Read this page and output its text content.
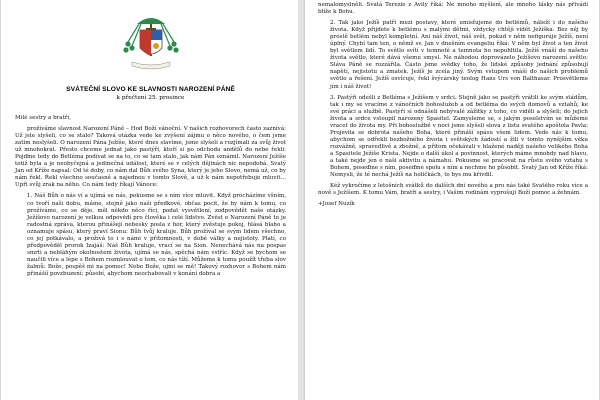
SVÁTEČNÍ SLOVO KE SLAVNOSTI NAROZENÍ PÁNĚ
k přečtení 25. prosince

Milé sestry a bratři,

prožíváme slavnost Narození Páně – Hod Boží vánoční. V našich rozhovorech často zaznívá: Už jste slyšeli, co se stalo? Taková otázka vede ke zvýšení zájmu o něco nového, o čem jsme zatím neslyšeli. O narození Pána Ježíše, které dnes slavíme, jsme slyšeli a rozjímali za svůj život už mnohokrát. Přesto chceme jednat jako pastýři, kteří si po odchodu andělů do nebe řekli: Pojďme tedy do Betléma podívat se na to, co se tam stalo, jak nám Pán oznámil. Narození Ježíše totiž byla a je neobyčejná a jedinečná událost, které se v celých dějinách nic nepodobá. Svatý Jan od Kříže napsal: Od té doby, co nám dal Bůh svého Syna, který je jeho Slovo, nemá už, co by nám řekl. Řekl všechno současně a najednou v tomto Slově, a už k nám nepotřebuje mluvit… Upři svůj zrak na něho. Co nám tedy říkají Vánoce:

1. Náš Bůh o nás ví a ujímá se nás, pokusme se s ním více mluvit. Když procházíme všním, co tvoří naši dobu, máme, stejně jako naši předkové, občas pocit, že by nám k tomu, co prožíváme, co se děje, měl někdo něco říci, podat vysvětlení, zodpovědět naše otázky. Ježíšovo narození je velkou odpovědí pro člověka i celé lidstvo. Zvěst o Narození Páně to je radostná zpráva, kterou přinášejí nebeský posla z hor, který zvěstuje pokoj, hlásá blaho a oznamuje spásu, který praví Sionu: Bůh tvůj kraluje. Bůh prožíval se svým lidem všechno, co jej potkávalo, a prožívá to i s námi v přítomnosti, v době války a nejistoty. Platí, co předpověděl prorok Izajáš: Náš Bůh kraluje, vrací se na Sion. Nenechává nás na pospas smrti a nebláhým okolnostem života, ujímá se nás, spěchá nám vstříc. Když se bychom se naučili více a lépe s Bohem rozmlouvat o tom, co nás tíží. Můžeme k tomu použít třeba slov žalmů: Bože, pospěš mi na pomoc! Nebo Bože, ujmi se mě! Takový rozhovor s Bohem nám přinášíí povzbuzení; působí, abychom neochabovali v konání dobra a

nemalomyslněli. Svatá Terezie z Avily říká: Ne mnoho myšlení, ale mnoho lásky nás přivádí blíže k Bohu.

2. Tak jako Ježíš patří mezi postavy, které umisťujeme do betlémů, náleží i do našeho života. Když přijdete k betlému s malými dětmi, vždycky chtějí vidět Ježíška. Bez něj by prostě betlém nebyl kompletní. Ani náš život, náš svět, pokud v něm nefiguruje Ježíš, není úplný. Chybí tam ten, o němž sv. Jan v dnešním evangeliu říká: V něm byl život a ten život byl světlem lidí. To světlo svítí v temnotě a temnota ho nepohltila. Ježíš vnáší do našeho života světlo, které dává všemu smysl. Ne náhodou doprovázelo Ježíšovo narození světlo: Sláva Páně se rozzářila. Často jsme svědky toho, že lidské způsoby jednání způsobují napětí, nejistotu a zmatek. Ježíš je zcela jiný. Svým vstupem vnáší do našich problémů světlo a řešení. Ježíš osvícuje, řekl švýcarský teolog Hans Urs von Balthasar. Prosvětleme jím i náš život!

3. Pastýři odešli z Betléma s Ježíšem v srdci. Stejně jako se pastýři vrátili ke svým stádům, tak i my se vracíme z vánočních bohoslužeb a od betléma do svých domovů a vztahů, ke své práci a službě. Pastýři si odnášeli nebývalé zážitky z toho, co viděli a slyšeli; do jejich života a srdce vstoupil narozený Spasitel. Zamysleme se, s jakým poselstvím se můžeme vracet do života my. Při bohoslužbě v noci jsme slyšeli slova z listu svatého apoštola Pavla: Projevila se dobrota našeho Boha, které přináší spásu všem lidem. Vede nás k tomu, abychom se odřekli bezbožného života i světských žádostí a žili v tomto nynějším věku rozvážně, spravedlivě a zbožně, a přitom očekávali v blažené naději našeho velikého Boha a Spasitele Ježíše Krista. Nejde o další úkol a povinnost, kterých máme mnohdy nad hlavu, a také nejde jen o naši aktivitu a námahu. Pokusme se pracovat na růstu svého vztahu s Bohem, poseďme s ním, poseďme spolu s ním a nechme ho působit. Svatý Jan od Kříže říká: Nemysli, že té nechá Ježíš na holičkách, to bys mu křivdil.

Kéž vykročíme z letošních svátků do dalších dní nového a pro nás také Svatého roku více a nově s Ježíšem. K tomu Vám, bratři a sestry, i Vašim rodinám vyprošuji Boží pomoc a žehnám.

+Josef Nuzík
